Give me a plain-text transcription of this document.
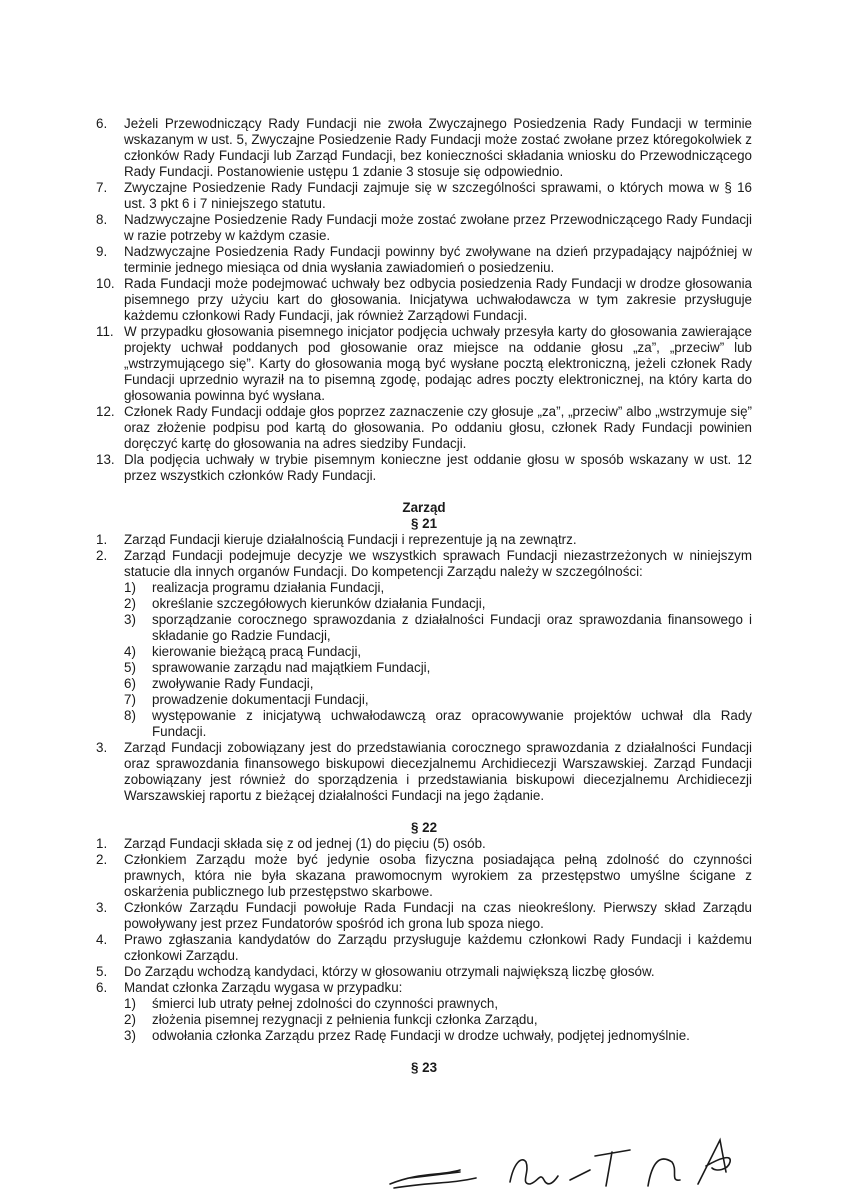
6.	Jeżeli Przewodniczący Rady Fundacji nie zwoła Zwyczajnego Posiedzenia Rady Fundacji w terminie wskazanym w ust. 5, Zwyczajne Posiedzenie Rady Fundacji może zostać zwołane przez któregokolwiek z członków Rady Fundacji lub Zarząd Fundacji, bez konieczności składania wniosku do Przewodniczącego Rady Fundacji. Postanowienie ustępu 1 zdanie 3 stosuje się odpowiednio.
7.	Zwyczajne Posiedzenie Rady Fundacji zajmuje się w szczególności sprawami, o których mowa w § 16 ust. 3 pkt 6 i 7 niniejszego statutu.
8.	Nadzwyczajne Posiedzenie Rady Fundacji może zostać zwołane przez Przewodniczącego Rady Fundacji w razie potrzeby w każdym czasie.
9.	Nadzwyczajne Posiedzenia Rady Fundacji powinny być zwoływane na dzień przypadający najpóźniej w terminie jednego miesiąca od dnia wysłania zawiadomień o posiedzeniu.
10. Rada Fundacji może podejmować uchwały bez odbycia posiedzenia Rady Fundacji w drodze głosowania pisemnego przy użyciu kart do głosowania. Inicjatywa uchwałodawcza w tym zakresie przysługuje każdemu członkowi Rady Fundacji, jak również Zarządowi Fundacji.
11. W przypadku głosowania pisemnego inicjator podjęcia uchwały przesyła karty do głosowania zawierające projekty uchwał poddanych pod głosowanie oraz miejsce na oddanie głosu „za”, „przeciw” lub „wstrzymującego się”. Karty do głosowania mogą być wysłane pocztą elektroniczną, jeżeli członek Rady Fundacji uprzednio wyraził na to pisemną zgodę, podając adres poczty elektronicznej, na który karta do głosowania powinna być wysłana.
12. Członek Rady Fundacji oddaje głos poprzez zaznaczenie czy głosuje „za”, „przeciw” albo „wstrzymuje się” oraz złożenie podpisu pod kartą do głosowania. Po oddaniu głosu, członek Rady Fundacji powinien doręczyć kartę do głosowania na adres siedziby Fundacji.
13. Dla podjęcia uchwały w trybie pisemnym konieczne jest oddanie głosu w sposób wskazany w ust. 12 przez wszystkich członków Rady Fundacji.

Zarząd

§ 21

1.	Zarząd Fundacji kieruje działalnością Fundacji i reprezentuje ją na zewnątrz.
2.	Zarząd Fundacji podejmuje decyzje we wszystkich sprawach Fundacji niezastrzeżonych w niniejszym statucie dla innych organów Fundacji. Do kompetencji Zarządu należy w szczególności:
1)	realizacja programu działania Fundacji,
2)	określanie szczegółowych kierunków działania Fundacji,
3)	sporządzanie corocznego sprawozdania z działalności Fundacji oraz sprawozdania finansowego i składanie go Radzie Fundacji,
4)	kierowanie bieżącą pracą Fundacji,
5)	sprawowanie zarządu nad majątkiem Fundacji,
6)	zwoływanie Rady Fundacji,
7)	prowadzenie dokumentacji Fundacji,
8)	występowanie z inicjatywą uchwałodawczą oraz opracowywanie projektów uchwał dla Rady Fundacji.
3.	Zarząd Fundacji zobowiązany jest do przedstawiania corocznego sprawozdania z działalności Fundacji oraz sprawozdania finansowego biskupowi diecezjalnemu Archidiecezji Warszawskiej. Zarząd Fundacji zobowiązany jest również do sporządzenia i przedstawiania biskupowi diecezjalnemu Archidiecezji Warszawskiej raportu z bieżącej działalności Fundacji na jego żądanie.

§ 22

1.	Zarząd Fundacji składa się z od jednej (1) do pięciu (5) osób.
2.	Członkiem Zarządu może być jedynie osoba fizyczna posiadająca pełną zdolność do czynności prawnych, która nie była skazana prawomocnym wyrokiem za przestępstwo umyślne ścigane z oskarżenia publicznego lub przestępstwo skarbowe.
3.	Członków Zarządu Fundacji powołuje Rada Fundacji na czas nieokreślony. Pierwszy skład Zarządu powoływany jest przez Fundatorów spośród ich grona lub spoza niego.
4.	Prawo zgłaszania kandydatów do Zarządu przysługuje każdemu członkowi Rady Fundacji i każdemu członkowi Zarządu.
5.	Do Zarządu wchodzą kandydaci, którzy w głosowaniu otrzymali największą liczbę głosów.
6.	Mandat członka Zarządu wygasa w przypadku:
1)	śmierci lub utraty pełnej zdolności do czynności prawnych,
2)	złożenia pisemnej rezygnacji z pełnienia funkcji członka Zarządu,
3)	odwołania członka Zarządu przez Radę Fundacji w drodze uchwały, podjętej jednomyślnie.

§ 23
